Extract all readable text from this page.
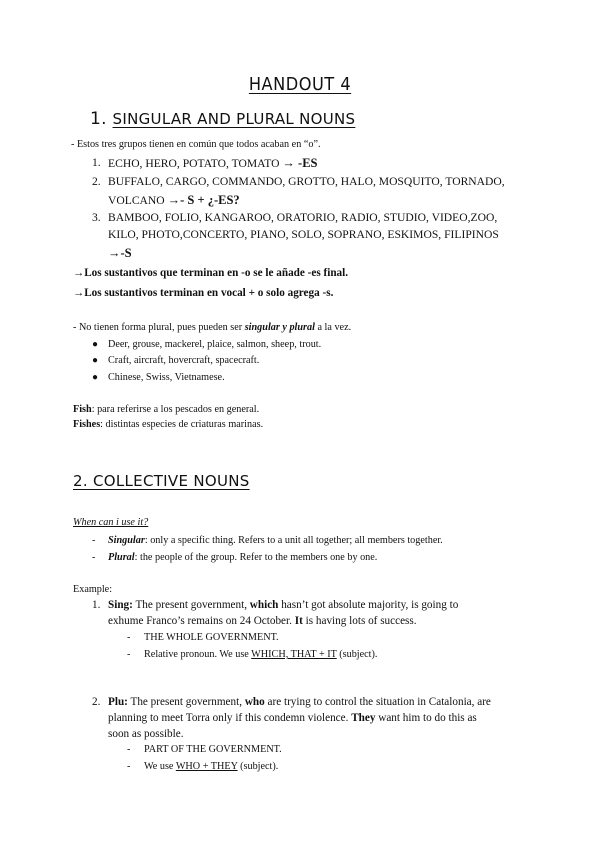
HANDOUT 4
1. SINGULAR AND PLURAL NOUNS
- Estos tres grupos tienen en común que todos acaban en “o”.
1. ECHO, HERO, POTATO, TOMATO → -ES
2. BUFFALO, CARGO, COMMANDO, GROTTO, HALO, MOSQUITO, TORNADO,
VOLCANO →- S + ¿-ES?
3. BAMBOO, FOLIO, KANGAROO, ORATORIO, RADIO, STUDIO, VIDEO,ZOO,
KILO, PHOTO,CONCERTO, PIANO, SOLO, SOPRANO, ESKIMOS, FILIPINOS
→-S
→Los sustantivos que terminan en -o se le añade -es final.
→Los sustantivos terminan en vocal + o solo agrega -s.
- No tienen forma plural, pues pueden ser singular y plural a la vez.
● Deer, grouse, mackerel, plaice, salmon, sheep, trout.
● Craft, aircraft, hovercraft, spacecraft.
● Chinese, Swiss, Vietnamese.
Fish: para referirse a los pescados en general.
Fishes: distintas especies de criaturas marinas.
2. COLLECTIVE NOUNS
When can i use it?
- Singular: only a specific thing. Refers to a unit all together; all members together.
- Plural: the people of the group. Refer to the members one by one.
Example:
1. Sing: The present government, which hasn’t got absolute majority, is going to
exhume Franco’s remains on 24 October. It is having lots of success.
- THE WHOLE GOVERNMENT.
- Relative pronoun. We use WHICH, THAT + IT (subject).
2. Plu: The present government, who are trying to control the situation in Catalonia, are
planning to meet Torra only if this condemn violence. They want him to do this as
soon as possible.
- PART OF THE GOVERNMENT.
- We use WHO + THEY (subject).
